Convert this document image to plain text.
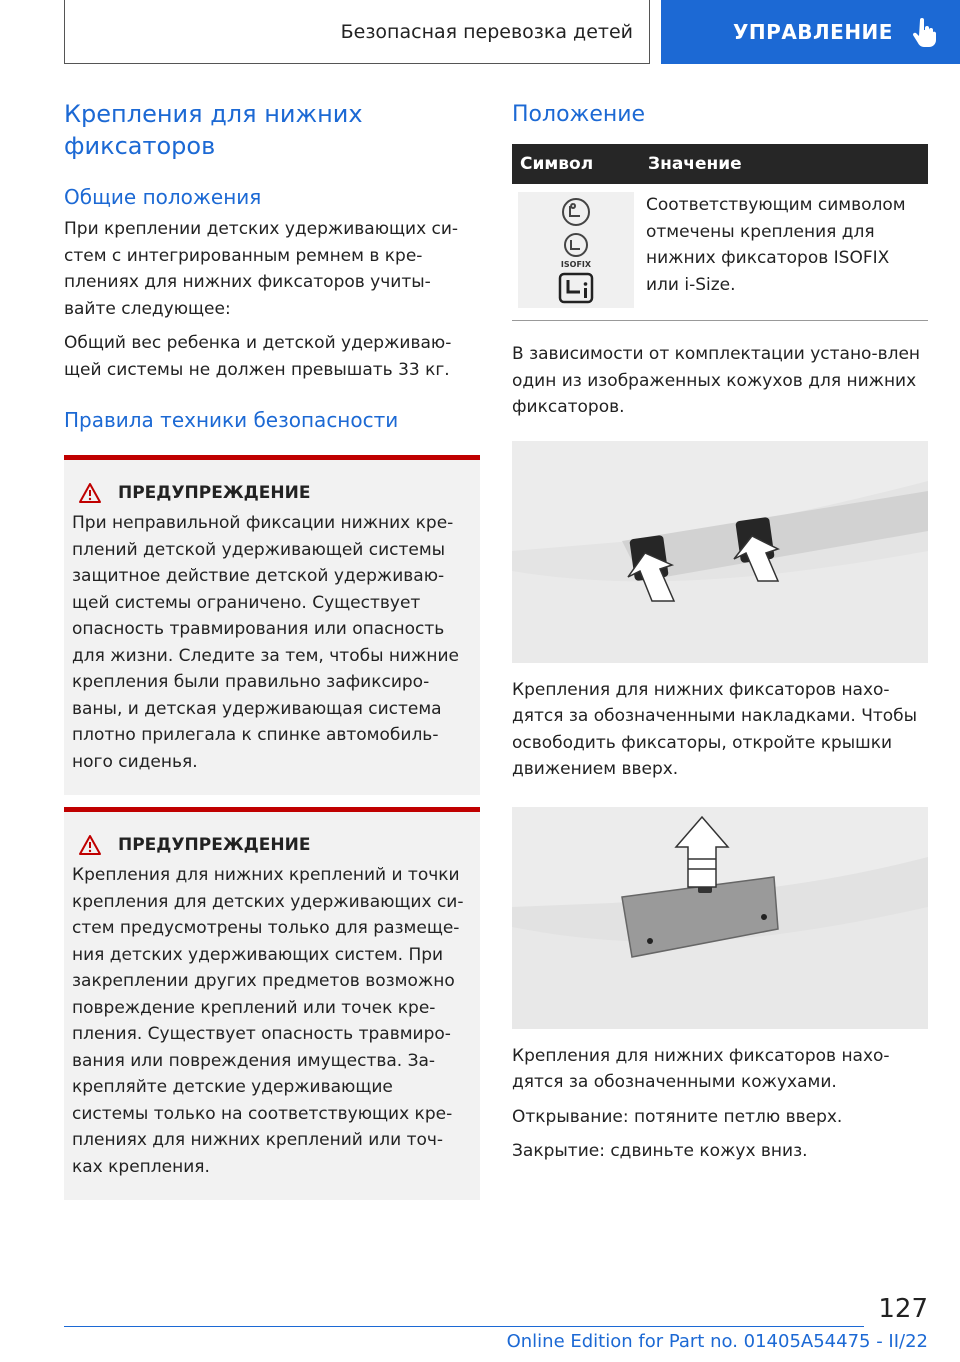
Безопасная перевозка детей	УПРАВЛЕНИЕ
Крепления для нижних
фиксаторов
Общие положения

При креплении детских удерживающих си-стем с интегрированным ремнем в кре-плениях для нижних фиксаторов учиты-вайте следующее:

Общий вес ребенка и детской удерживаю-щей системы не должен превышать 33 кг.

Правила техники безопасности
ПРЕДУПРЕЖДЕНИЕ

При неправильной фиксации нижних кре-плений детской удерживающей системы защитное действие детской удерживаю-щей системы ограничено. Существует опасность травмирования или опасность для жизни. Следите за тем, чтобы нижние крепления были правильно зафиксиро-ваны, и детская удерживающая система плотно прилегала к спинке автомобиль-ного сиденья.

ПРЕДУПРЕЖДЕНИЕ

Крепления для нижних креплений и точки крепления для детских удерживающих си-стем предусмотрены только для размеще-ния детских удерживающих систем. При закреплении других предметов возможно повреждение креплений или точек кре-пления. Существует опасность травмиро-вания или повреждения имущества. За-крепляйте детские удерживающие системы только на соответствующих кре-плениях для нижних креплений или точ-ках крепления.

Положение
Символ	Значение

ISOFIX	Соответствующим символом отмечены крепления для нижних фиксаторов ISOFIX или i-Size.

В зависимости от комплектации устано-влен один из изображенных кожухов для нижних фиксаторов.

Крепления для нижних фиксаторов нахо-дятся за обозначенными накладками. Чтобы освободить фиксаторы, откройте крышки движением вверх.

Крепления для нижних фиксаторов нахо-дятся за обозначенными кожухами.

Открывание: потяните петлю вверх.

Закрытие: сдвиньте кожух вниз.

127
Online Edition for Part no. 01405A54475 - II/22
